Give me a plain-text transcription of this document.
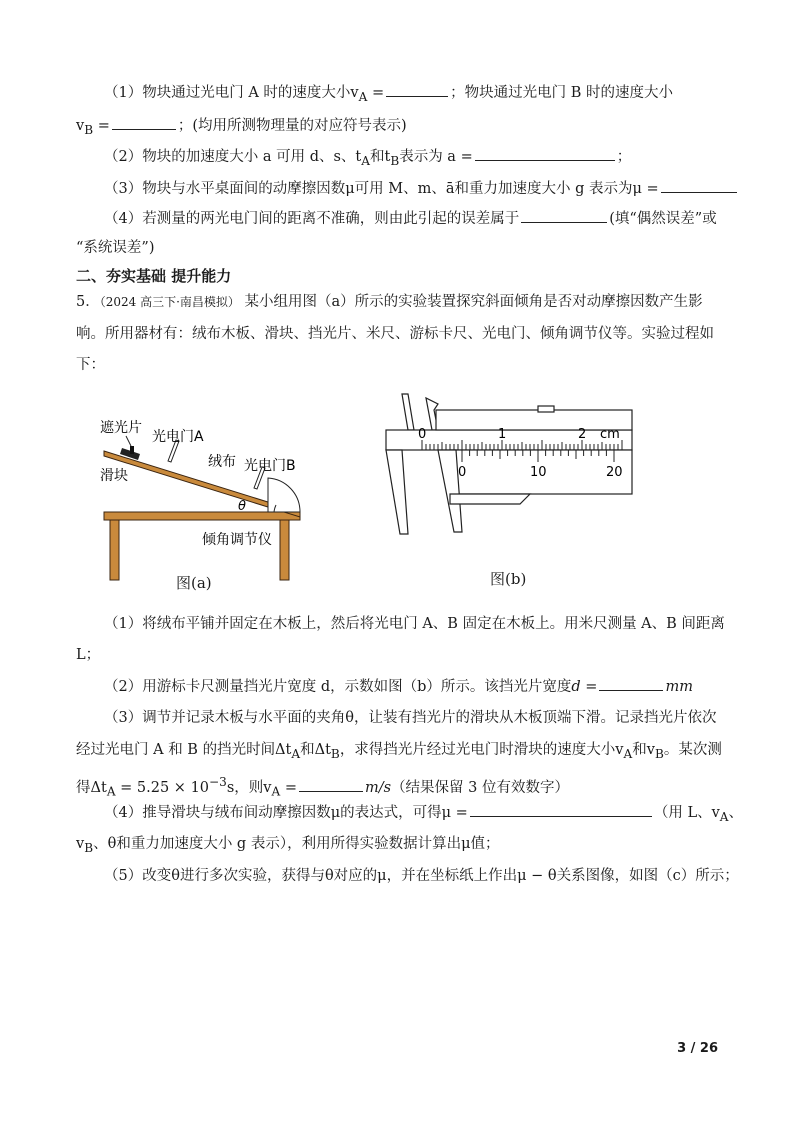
（1）物块通过光电门 A 时的速度大小$v_A$ =	；物块通过光电门 B 时的速度大小
$v_B$ =	；(均用所测物理量的对应符号表示)
（2）物块的加速度大小 a 可用 d、s、$t_A$和$t_B$表示为 a =	；
（3）物块与水平桌面间的动摩擦因数μ可用 M、m、ā和重力加速度大小 g 表示为μ =
（4）若测量的两光电门间的距离不准确，则由此引起的误差属于	(填“偶然误差”或
“系统误差”)
二、夯实基础 提升能力
5．（2024 高三下·南昌模拟） 某小组用图（a）所示的实验装置探究斜面倾角是否对动摩擦因数产生影
响。所用器材有：绒布木板、滑块、挡光片、米尺、游标卡尺、光电门、倾角调节仪等。实验过程如
下：
遮光片
光电门A
滑块
绒布 光电门B
θ
倾角调节仪
图(a)
0	1	2 cm
0	10	20
图(b)
（1）将绒布平铺并固定在木板上，然后将光电门 A、B 固定在木板上。用米尺测量 A、B 间距离
L；
（2）用游标卡尺测量挡光片宽度 d，示数如图（b）所示。该挡光片宽度d =	mm
（3）调节并记录木板与水平面的夹角θ，让装有挡光片的滑块从木板顶端下滑。记录挡光片依次
经过光电门 A 和 B 的挡光时间$\Delta t_A$和$\Delta t_B$，求得挡光片经过光电门时滑块的速度大小$v_A$和$v_B$。某次测
得$\Delta t_A = 5.25 \times 10^{-3}s$，则$v_A$ =	m/s（结果保留 3 位有效数字）
（4）推导滑块与绒布间动摩擦因数μ的表达式，可得μ =	（用 L、$v_A$、
$v_B$、θ和重力加速度大小 g 表示），利用所得实验数据计算出μ值；
（5）改变θ进行多次实验，获得与θ对应的μ，并在坐标纸上作出μ − θ关系图像，如图（c）所示；
3 / 26
